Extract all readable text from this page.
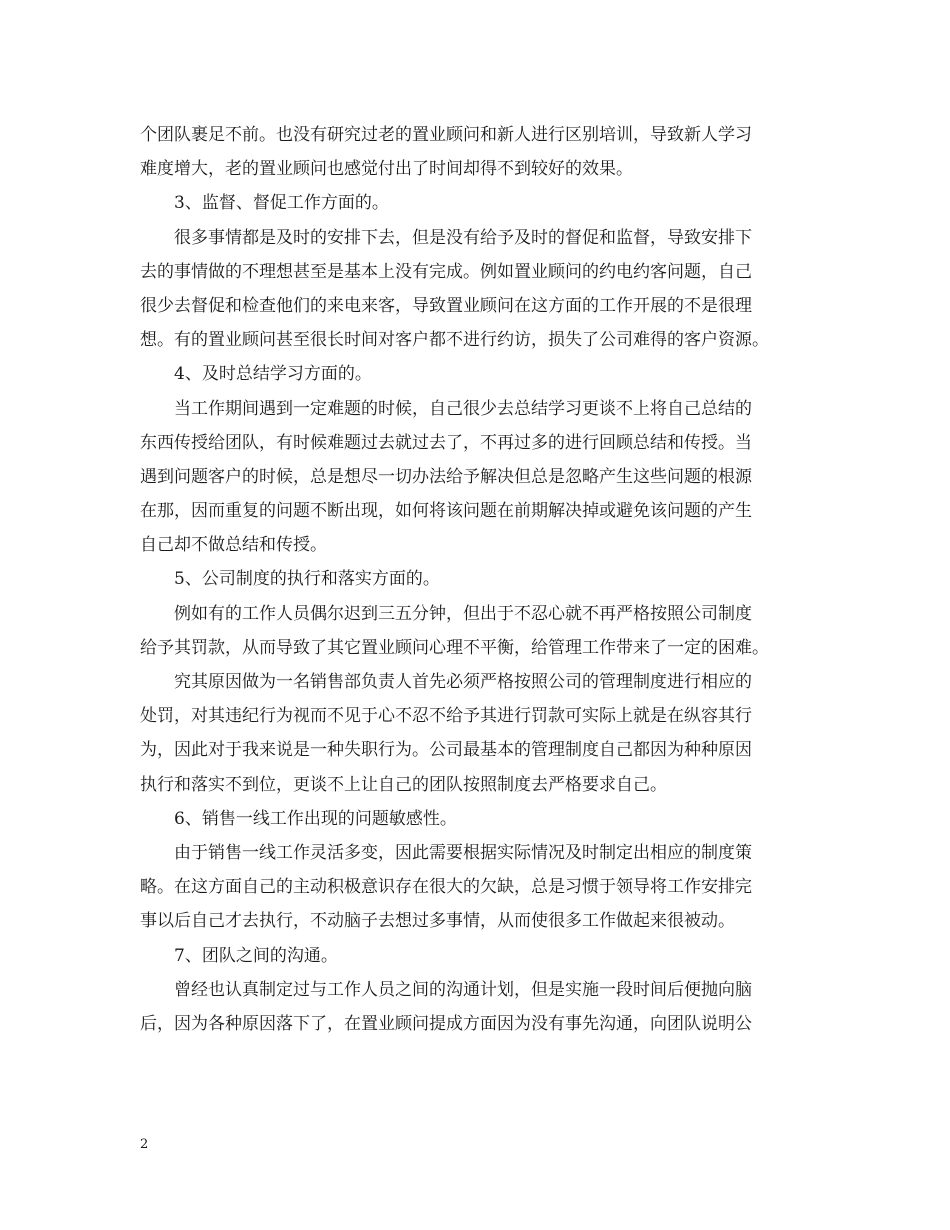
个团队裹足不前。也没有研究过老的置业顾问和新人进行区别培训，导致新人学习
难度增大，老的置业顾问也感觉付出了时间却得不到较好的效果。
3、监督、督促工作方面的。
很多事情都是及时的安排下去，但是没有给予及时的督促和监督，导致安排下
去的事情做的不理想甚至是基本上没有完成。例如置业顾问的约电约客问题，自己
很少去督促和检查他们的来电来客，导致置业顾问在这方面的工作开展的不是很理
想。有的置业顾问甚至很长时间对客户都不进行约访，损失了公司难得的客户资源。
4、及时总结学习方面的。
当工作期间遇到一定难题的时候，自己很少去总结学习更谈不上将自己总结的
东西传授给团队，有时候难题过去就过去了，不再过多的进行回顾总结和传授。当
遇到问题客户的时候，总是想尽一切办法给予解决但总是忽略产生这些问题的根源
在那，因而重复的问题不断出现，如何将该问题在前期解决掉或避免该问题的产生
自己却不做总结和传授。
5、公司制度的执行和落实方面的。
例如有的工作人员偶尔迟到三五分钟，但出于不忍心就不再严格按照公司制度
给予其罚款，从而导致了其它置业顾问心理不平衡，给管理工作带来了一定的困难。
究其原因做为一名销售部负责人首先必须严格按照公司的管理制度进行相应的
处罚，对其违纪行为视而不见于心不忍不给予其进行罚款可实际上就是在纵容其行
为，因此对于我来说是一种失职行为。公司最基本的管理制度自己都因为种种原因
执行和落实不到位，更谈不上让自己的团队按照制度去严格要求自己。
6、销售一线工作出现的问题敏感性。
由于销售一线工作灵活多变，因此需要根据实际情况及时制定出相应的制度策
略。在这方面自己的主动积极意识存在很大的欠缺，总是习惯于领导将工作安排完
事以后自己才去执行，不动脑子去想过多事情，从而使很多工作做起来很被动。
7、团队之间的沟通。
曾经也认真制定过与工作人员之间的沟通计划，但是实施一段时间后便抛向脑
后，因为各种原因落下了，在置业顾问提成方面因为没有事先沟通，向团队说明公
2
